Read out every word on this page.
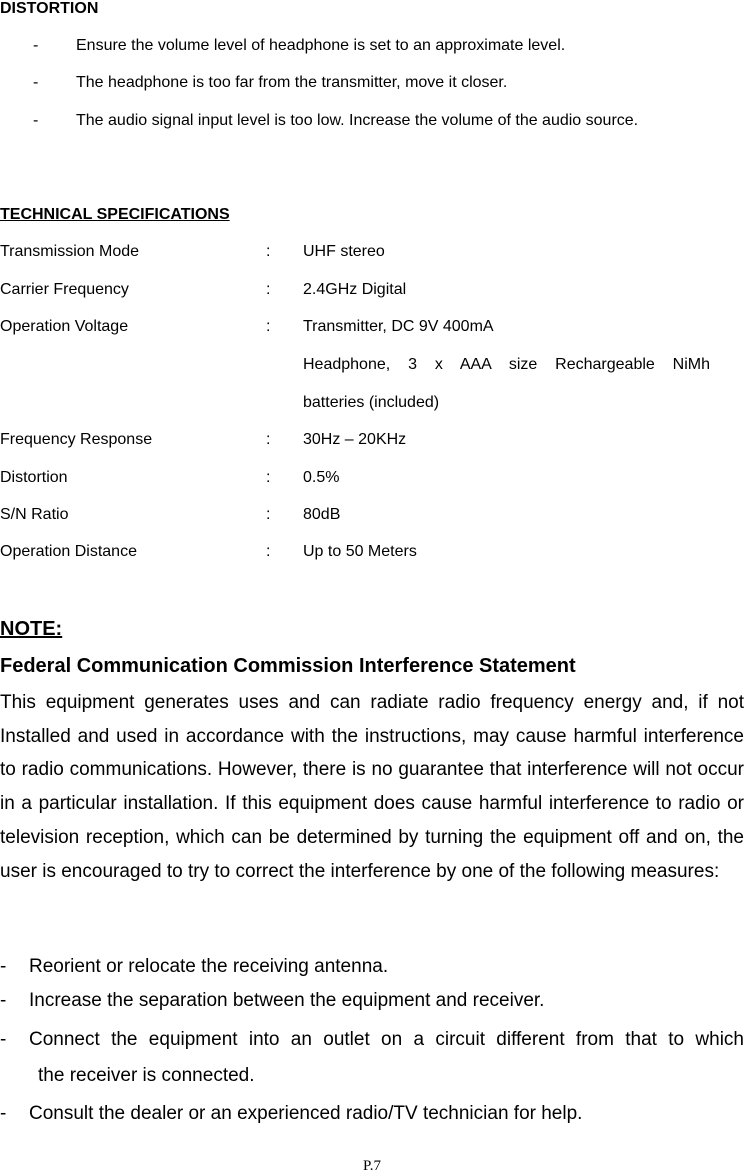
DISTORTION
- Ensure the volume level of headphone is set to an approximate level.
- The headphone is too far from the transmitter, move it closer.
- The audio signal input level is too low. Increase the volume of the audio source.
TECHNICAL SPECIFICATIONS
Transmission Mode	: UHF stereo
Carrier Frequency	: 2.4GHz Digital
Operation Voltage	: Transmitter, DC 9V 400mA
Headphone, 3 x AAA size Rechargeable NiMh
batteries (included)
Frequency Response	: 30Hz – 20KHz
Distortion	: 0.5%
S/N Ratio	: 80dB
Operation Distance	: Up to 50 Meters
NOTE:
Federal Communication Commission Interference Statement
This equipment generates uses and can radiate radio frequency energy and, if not Installed and used in accordance with the instructions, may cause harmful interference to radio communications. However, there is no guarantee that interference will not occur in a particular installation. If this equipment does cause harmful interference to radio or television reception, which can be determined by turning the equipment off and on, the user is encouraged to try to correct the interference by one of the following measures:
- Reorient or relocate the receiving antenna.
- Increase the separation between the equipment and receiver.
- Connect the equipment into an outlet on a circuit different from that to which
the receiver is connected.
- Consult the dealer or an experienced radio/TV technician for help.
P.7
